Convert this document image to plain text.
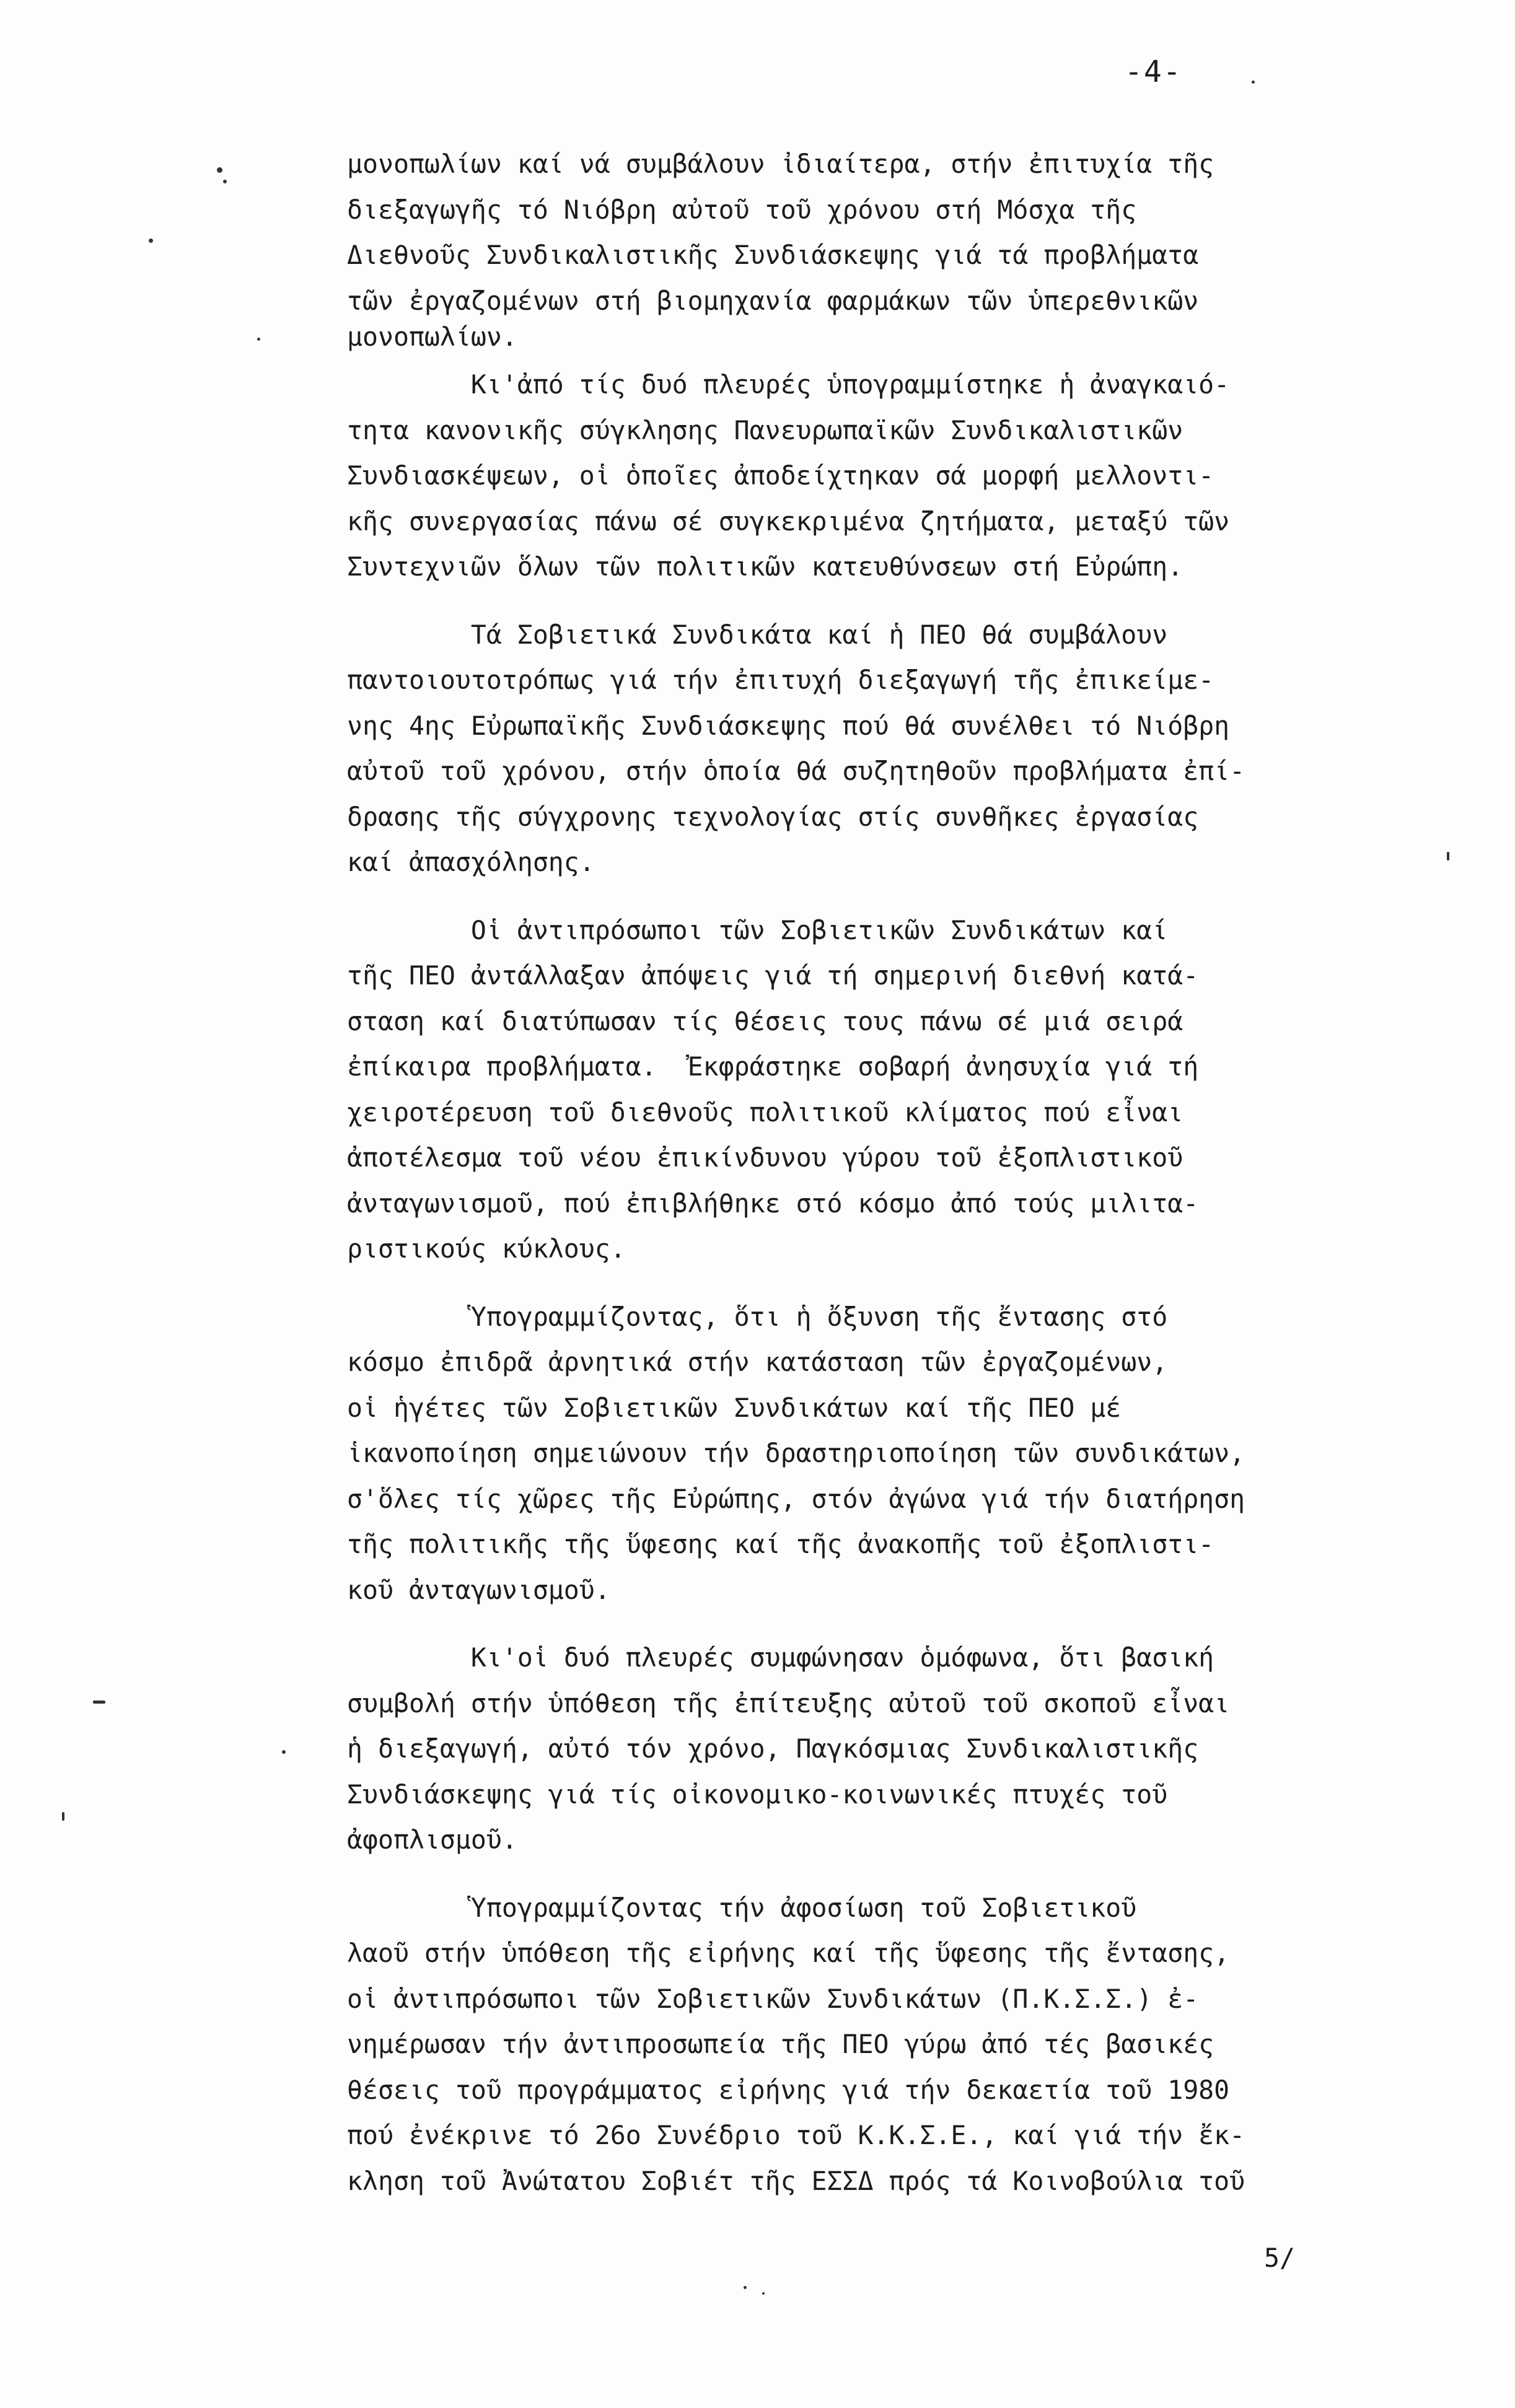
-4-
μονοπωλίων καί νά συμβάλουν ἰδιαίτερα, στήν ἐπιτυχία τῆς
διεξαγωγῆς τό Νιόβρη αὐτοῦ τοῦ χρόνου στή Μόσχα τῆς
Διεθνοῦς Συνδικαλιστικῆς Συνδιάσκεψης γιά τά προβλήματα
τῶν ἐργαζομένων στή βιομηχανία φαρμάκων τῶν ὑπερεθνικῶν
μονοπωλίων.
Κι'ἀπό τίς δυό πλευρές ὑπογραμμίστηκε ἡ ἀναγκαιό-
τητα κανονικῆς σύγκλησης Πανευρωπαϊκῶν Συνδικαλιστικῶν
Συνδιασκέψεων, οἱ ὁποῖες ἀποδείχτηκαν σά μορφή μελλοντι-
κῆς συνεργασίας πάνω σέ συγκεκριμένα ζητήματα, μεταξύ τῶν
Συντεχνιῶν ὅλων τῶν πολιτικῶν κατευθύνσεων στή Εὐρώπη.
Τά Σοβιετικά Συνδικάτα καί ἡ ΠΕΟ θά συμβάλουν
παντοιουτοτρόπως γιά τήν ἐπιτυχή διεξαγωγή τῆς ἐπικείμε-
νης 4ης Εὐρωπαϊκῆς Συνδιάσκεψης πού θά συνέλθει τό Νιόβρη
αὐτοῦ τοῦ χρόνου, στήν ὁποία θά συζητηθοῦν προβλήματα ἐπί-
δρασης τῆς σύγχρονης τεχνολογίας στίς συνθῆκες ἐργασίας
καί ἀπασχόλησης.
Οἱ ἀντιπρόσωποι τῶν Σοβιετικῶν Συνδικάτων καί
τῆς ΠΕΟ ἀντάλλαξαν ἀπόψεις γιά τή σημερινή διεθνή κατά-
σταση καί διατύπωσαν τίς θέσεις τους πάνω σέ μιά σειρά
ἐπίκαιρα προβλήματα.  Ἐκφράστηκε σοβαρή ἀνησυχία γιά τή
χειροτέρευση τοῦ διεθνοῦς πολιτικοῦ κλίματος πού εἶναι
ἀποτέλεσμα τοῦ νέου ἐπικίνδυνου γύρου τοῦ ἐξοπλιστικοῦ
ἀνταγωνισμοῦ, πού ἐπιβλήθηκε στό κόσμο ἀπό τούς μιλιτα-
ριστικούς κύκλους.
Ὑπογραμμίζοντας, ὅτι ἡ ὄξυνση τῆς ἔντασης στό
κόσμο ἐπιδρᾶ ἀρνητικά στήν κατάσταση τῶν ἐργαζομένων,
οἱ ἡγέτες τῶν Σοβιετικῶν Συνδικάτων καί τῆς ΠΕΟ μέ
ἱκανοποίηση σημειώνουν τήν δραστηριοποίηση τῶν συνδικάτων,
σ'ὅλες τίς χῶρες τῆς Εὐρώπης, στόν ἀγώνα γιά τήν διατήρηση
τῆς πολιτικῆς τῆς ὕφεσης καί τῆς ἀνακοπῆς τοῦ ἐξοπλιστι-
κοῦ ἀνταγωνισμοῦ.
Κι'οἱ δυό πλευρές συμφώνησαν ὁμόφωνα, ὅτι βασική
συμβολή στήν ὑπόθεση τῆς ἐπίτευξης αὐτοῦ τοῦ σκοποῦ εἶναι
ἡ διεξαγωγή, αὐτό τόν χρόνο, Παγκόσμιας Συνδικαλιστικῆς
Συνδιάσκεψης γιά τίς οἰκονομικο-κοινωνικές πτυχές τοῦ
ἀφοπλισμοῦ.
Ὑπογραμμίζοντας τήν ἀφοσίωση τοῦ Σοβιετικοῦ
λαοῦ στήν ὑπόθεση τῆς εἰρήνης καί τῆς ὕφεσης τῆς ἔντασης,
οἱ ἀντιπρόσωποι τῶν Σοβιετικῶν Συνδικάτων (Π.Κ.Σ.Σ.) ἐ-
νημέρωσαν τήν ἀντιπροσωπεία τῆς ΠΕΟ γύρω ἀπό τές βασικές
θέσεις τοῦ προγράμματος εἰρήνης γιά τήν δεκαετία τοῦ 1980
πού ἐνέκρινε τό 26ο Συνέδριο τοῦ Κ.Κ.Σ.Ε., καί γιά τήν ἔκ-
κληση τοῦ Ἀνώτατου Σοβιέτ τῆς ΕΣΣΔ πρός τά Κοινοβούλια τοῦ
5/
